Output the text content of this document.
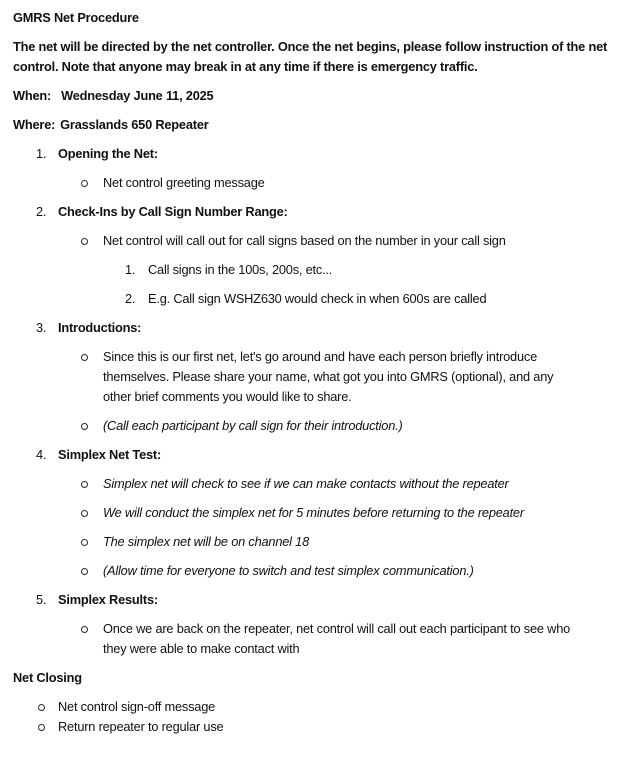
GMRS Net Procedure

The net will be directed by the net controller. Once the net begins, please follow instruction of the net control. Note that anyone may break in at any time if there is emergency traffic.

When: Wednesday June 11, 2025

Where: Grasslands 650 Repeater

1. Opening the Net:
Net control greeting message
2. Check-Ins by Call Sign Number Range:
Net control will call out for call signs based on the number in your call sign
1. Call signs in the 100s, 200s, etc...
2. E.g. Call sign WSHZ630 would check in when 600s are called
3. Introductions:
Since this is our first net, let's go around and have each person briefly introduce themselves. Please share your name, what got you into GMRS (optional), and any other brief comments you would like to share.
(Call each participant by call sign for their introduction.)
4. Simplex Net Test:
Simplex net will check to see if we can make contacts without the repeater
We will conduct the simplex net for 5 minutes before returning to the repeater
The simplex net will be on channel 18
(Allow time for everyone to switch and test simplex communication.)
5. Simplex Results:
Once we are back on the repeater, net control will call out each participant to see who they were able to make contact with

Net Closing

Net control sign-off message
Return repeater to regular use
